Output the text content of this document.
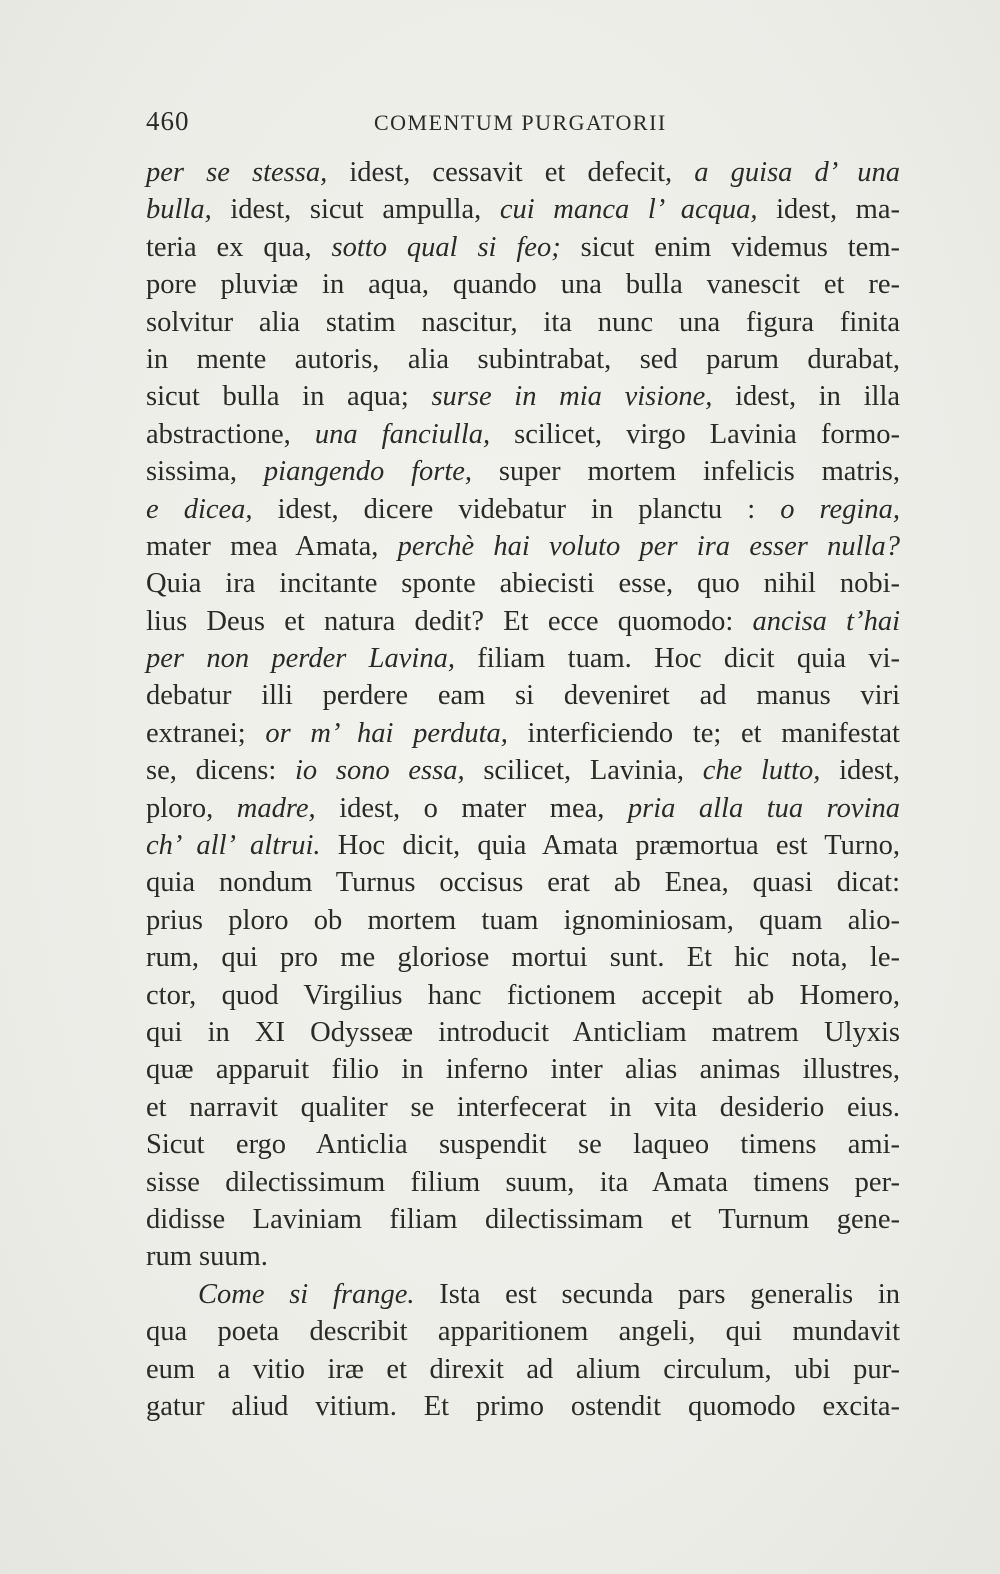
460	COMENTUM PURGATORII
per se stessa, idest, cessavit et defecit, a guisa d’ una
bulla, idest, sicut ampulla, cui manca l’ acqua, idest, ma-
teria ex qua, sotto qual si feo; sicut enim videmus tem-
pore pluviæ in aqua, quando una bulla vanescit et re-
solvitur alia statim nascitur, ita nunc una figura finita
in mente autoris, alia subintrabat, sed parum durabat,
sicut bulla in aqua; surse in mia visione, idest, in illa
abstractione, una fanciulla, scilicet, virgo Lavinia formo-
sissima, piangendo forte, super mortem infelicis matris,
e dicea, idest, dicere videbatur in planctu : o regina,
mater mea Amata, perchè hai voluto per ira esser nulla?
Quia ira incitante sponte abiecisti esse, quo nihil nobi-
lius Deus et natura dedit? Et ecce quomodo: ancisa t’hai
per non perder Lavina, filiam tuam. Hoc dicit quia vi-
debatur illi perdere eam si deveniret ad manus viri
extranei; or m’ hai perduta, interficiendo te; et manifestat
se, dicens: io sono essa, scilicet, Lavinia, che lutto, idest,
ploro, madre, idest, o mater mea, pria alla tua rovina
ch’ all’ altrui. Hoc dicit, quia Amata præmortua est Turno,
quia nondum Turnus occisus erat ab Enea, quasi dicat:
prius ploro ob mortem tuam ignominiosam, quam alio-
rum, qui pro me gloriose mortui sunt. Et hic nota, le-
ctor, quod Virgilius hanc fictionem accepit ab Homero,
qui in XI Odysseæ introducit Anticliam matrem Ulyxis
quæ apparuit filio in inferno inter alias animas illustres,
et narravit qualiter se interfecerat in vita desiderio eius.
Sicut ergo Anticlia suspendit se laqueo timens ami-
sisse dilectissimum filium suum, ita Amata timens per-
didisse Laviniam filiam dilectissimam et Turnum gene-
rum suum.
Come si frange. Ista est secunda pars generalis in
qua poeta describit apparitionem angeli, qui mundavit
eum a vitio iræ et direxit ad alium circulum, ubi pur-
gatur aliud vitium. Et primo ostendit quomodo excita-
